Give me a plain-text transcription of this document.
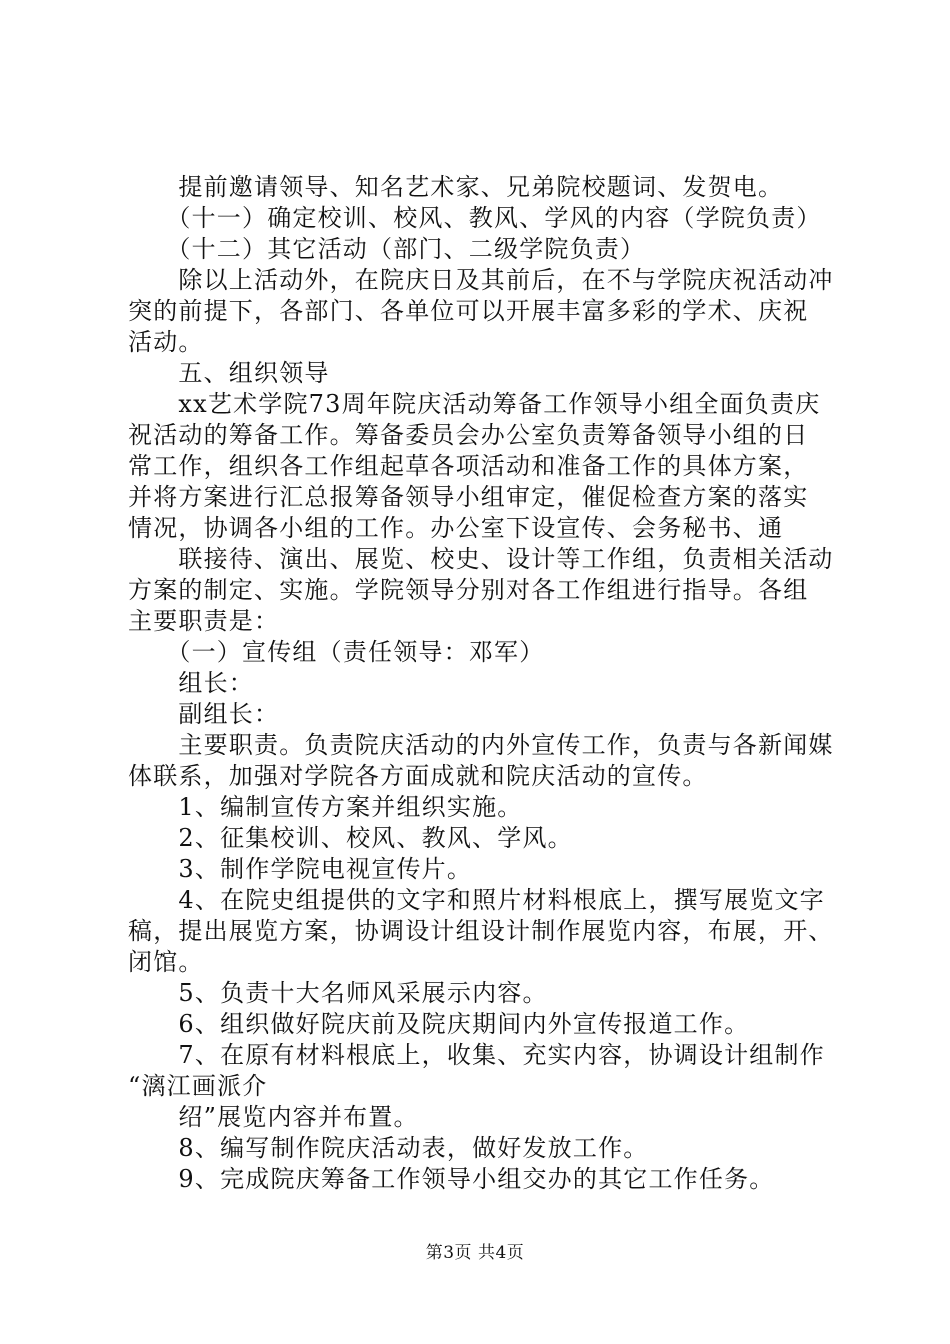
　　提前邀请领导、知名艺术家、兄弟院校题词、发贺电。
　　（十一）确定校训、校风、教风、学风的内容（学院负责）
　　（十二）其它活动（部门、二级学院负责）
　　除以上活动外，在院庆日及其前后，在不与学院庆祝活动冲
突的前提下，各部门、各单位可以开展丰富多彩的学术、庆祝
活动。
　　五、组织领导
　　xx艺术学院73周年院庆活动筹备工作领导小组全面负责庆
祝活动的筹备工作。筹备委员会办公室负责筹备领导小组的日
常工作，组织各工作组起草各项活动和准备工作的具体方案，
并将方案进行汇总报筹备领导小组审定，催促检查方案的落实
情况，协调各小组的工作。办公室下设宣传、会务秘书、通
　　联接待、演出、展览、校史、设计等工作组，负责相关活动
方案的制定、实施。学院领导分别对各工作组进行指导。各组
主要职责是：
　　（一）宣传组（责任领导：邓军）
　　组长：
　　副组长：
　　主要职责。负责院庆活动的内外宣传工作，负责与各新闻媒
体联系，加强对学院各方面成就和院庆活动的宣传。
　　1、编制宣传方案并组织实施。
　　2、征集校训、校风、教风、学风。
　　3、制作学院电视宣传片。
　　4、在院史组提供的文字和照片材料根底上，撰写展览文字
稿，提出展览方案，协调设计组设计制作展览内容，布展，开、
闭馆。
　　5、负责十大名师风采展示内容。
　　6、组织做好院庆前及院庆期间内外宣传报道工作。
　　7、在原有材料根底上，收集、充实内容，协调设计组制作
“漓江画派介
　　绍”展览内容并布置。
　　8、编写制作院庆活动表，做好发放工作。
　　9、完成院庆筹备工作领导小组交办的其它工作任务。
第3页 共4页
